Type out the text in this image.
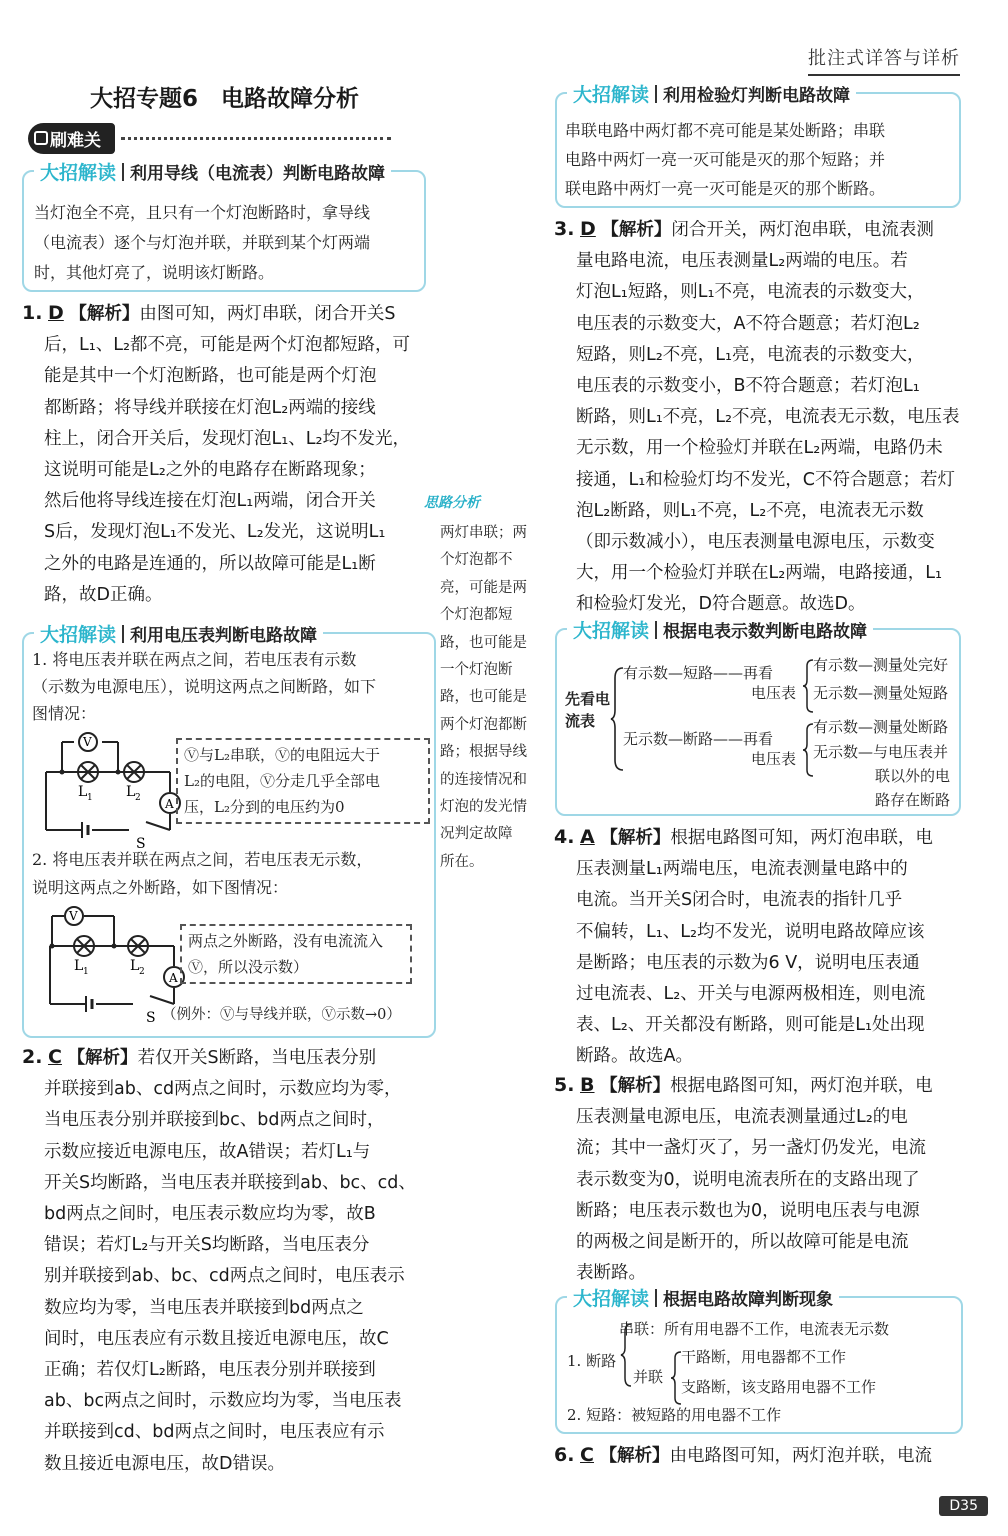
批注式详答与详析
大招专题6　电路故障分析
刷难关
大招解读 利用导线（电流表）判断电路故障
当灯泡全不亮，且只有一个灯泡断路时，拿导线
（电流表）逐个与灯泡并联，并联到某个灯两端
时，其他灯亮了，说明该灯断路。
1. D 【解析】由图可知，两灯串联，闭合开关S
后，L₁、L₂都不亮，可能是两个灯泡都短路，可
能是其中一个灯泡断路，也可能是两个灯泡
都断路；将导线并联接在灯泡L₂两端的接线
柱上，闭合开关后，发现灯泡L₁、L₂均不发光，
这说明可能是L₂之外的电路存在断路现象；
然后他将导线连接在灯泡L₁两端，闭合开关
S后，发现灯泡L₁不发光、L₂发光，这说明L₁
之外的电路是连通的，所以故障可能是L₁断
路，故D正确。
思路分析
两灯串联；两
个灯泡都不
亮，可能是两
个灯泡都短
路，也可能是
一个灯泡断
路，也可能是
两个灯泡都断
路；根据导线
的连接情况和
灯泡的发光情
况判定故障
所在。
大招解读 利用电压表判断电路故障
1. 将电压表并联在两点之间，若电压表有示数
（示数为电源电压），说明这两点之间断路，如下
图情况：
V
A
L 1 L 2
S
Ⓥ与L₂串联，Ⓥ的电阻远大于
L₂的电阻，Ⓥ分走几乎全部电
压，L₂分到的电压约为0
2. 将电压表并联在两点之间，若电压表无示数，
说明这两点之外断路，如下图情况：
V
A
L 1	L 2
S
两点之外断路，没有电流流入
Ⓥ，所以没示数）
（例外：Ⓥ与导线并联，Ⓥ示数→0）
2. C 【解析】若仅开关S断路，当电压表分别
并联接到ab、cd两点之间时，示数应均为零，
当电压表分别并联接到bc、bd两点之间时，
示数应接近电源电压，故A错误；若灯L₁与
开关S均断路，当电压表并联接到ab、bc、cd、
bd两点之间时，电压表示数应均为零，故B
错误；若灯L₂与开关S均断路，当电压表分
别并联接到ab、bc、cd两点之间时，电压表示
数应均为零，当电压表并联接到bd两点之
间时，电压表应有示数且接近电源电压，故C
正确；若仅灯L₂断路，电压表分别并联接到
ab、bc两点之间时，示数应均为零，当电压表
并联接到cd、bd两点之间时，电压表应有示
数且接近电源电压，故D错误。
大招解读 利用检验灯判断电路故障
串联电路中两灯都不亮可能是某处断路；串联
电路中两灯一亮一灭可能是灭的那个短路；并
联电路中两灯一亮一灭可能是灭的那个断路。
3. D 【解析】闭合开关，两灯泡串联，电流表测
量电路电流，电压表测量L₂两端的电压。若
灯泡L₁短路，则L₁不亮，电流表的示数变大，
电压表的示数变大，A不符合题意；若灯泡L₂
短路，则L₂不亮，L₁亮，电流表的示数变大，
电压表的示数变小，B不符合题意；若灯泡L₁
断路，则L₁不亮，L₂不亮，电流表无示数，电压表
无示数，用一个检验灯并联在L₂两端，电路仍未
接通，L₁和检验灯均不发光，C不符合题意；若灯
泡L₂断路，则L₁不亮，L₂不亮，电流表无示数
（即示数减小），电压表测量电源电压，示数变
大，用一个检验灯并联在L₂两端，电路接通，L₁
和检验灯发光，D符合题意。故选D。
大招解读 根据电表示数判断电路故障
先看电
流表
有示数—短路——再看
电压表
有示数—测量处完好
无示数—测量处短路
无示数—断路——再看
电压表
有示数—测量处断路
无示数—与电压表并
联以外的电
路存在断路
4. A 【解析】根据电路图可知，两灯泡串联，电
压表测量L₁两端电压，电流表测量电路中的
电流。当开关S闭合时，电流表的指针几乎
不偏转，L₁、L₂均不发光，说明电路故障应该
是断路；电压表的示数为6 V，说明电压表通
过电流表、L₂、开关与电源两极相连，则电流
表、L₂、开关都没有断路，则可能是L₁处出现
断路。故选A。
5. B 【解析】根据电路图可知，两灯泡并联，电
压表测量电源电压，电流表测量通过L₂的电
流；其中一盏灯灭了，另一盏灯仍发光，电流
表示数变为0，说明电流表所在的支路出现了
断路；电压表示数也为0，说明电压表与电源
的两极之间是断开的，所以故障可能是电流
表断路。
大招解读 根据电路故障判断现象
串联：所有用电器不工作，电流表无示数
1. 断路
并联
干路断，用电器都不工作
支路断，该支路用电器不工作
2. 短路：被短路的用电器不工作
6. C 【解析】由电路图可知，两灯泡并联，电流
D35
